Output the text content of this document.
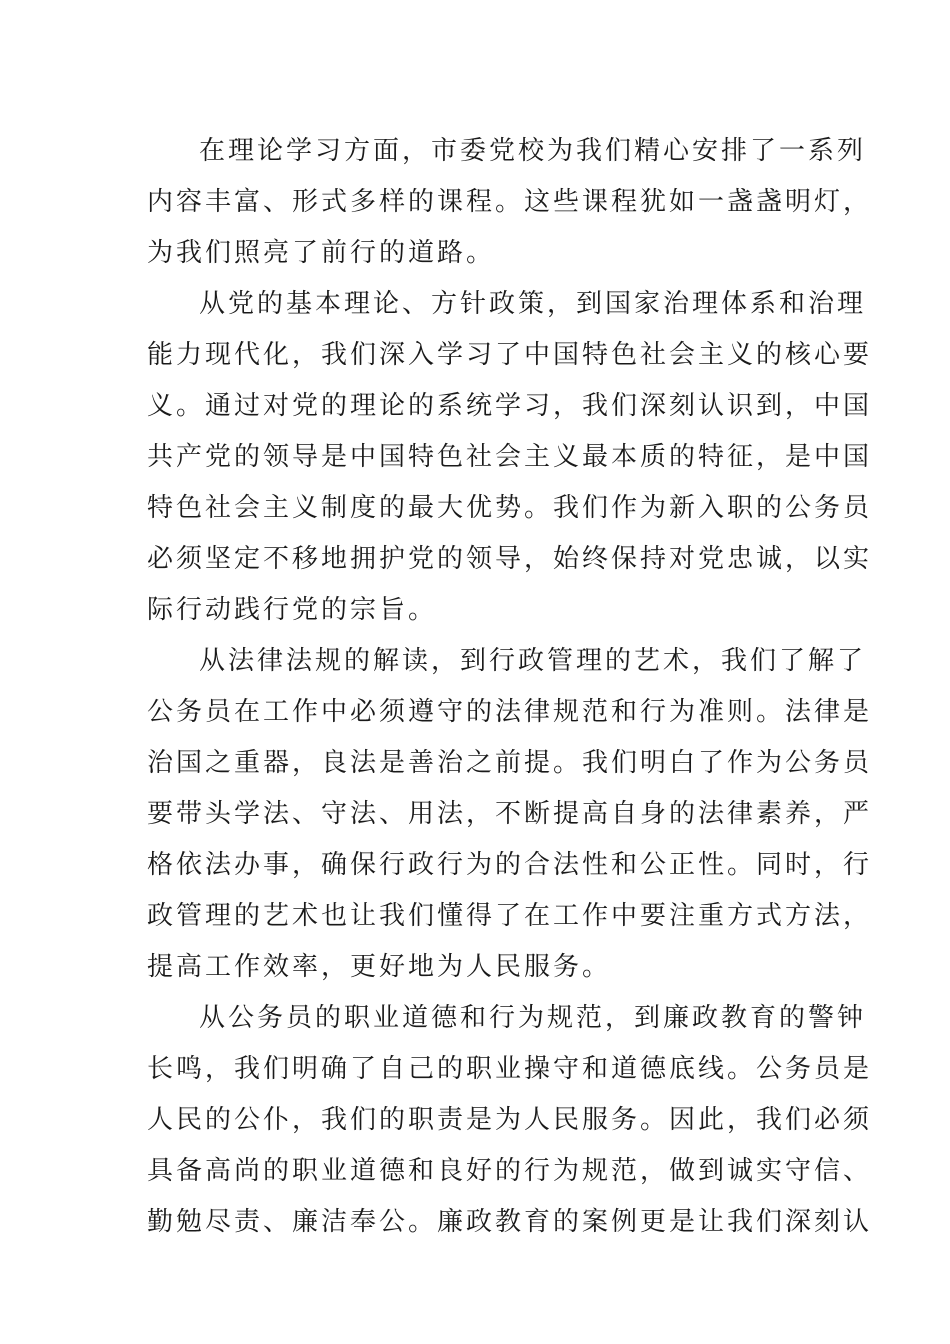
在理论学习方面，市委党校为我们精心安排了一系列
内容丰富、形式多样的课程。这些课程犹如一盏盏明灯，
为我们照亮了前行的道路。
从党的基本理论、方针政策，到国家治理体系和治理
能力现代化，我们深入学习了中国特色社会主义的核心要
义。通过对党的理论的系统学习，我们深刻认识到，中国
共产党的领导是中国特色社会主义最本质的特征，是中国
特色社会主义制度的最大优势。我们作为新入职的公务员
必须坚定不移地拥护党的领导，始终保持对党忠诚，以实
际行动践行党的宗旨。
从法律法规的解读，到行政管理的艺术，我们了解了
公务员在工作中必须遵守的法律规范和行为准则。法律是
治国之重器，良法是善治之前提。我们明白了作为公务员
要带头学法、守法、用法，不断提高自身的法律素养，严
格依法办事，确保行政行为的合法性和公正性。同时，行
政管理的艺术也让我们懂得了在工作中要注重方式方法，
提高工作效率，更好地为人民服务。
从公务员的职业道德和行为规范，到廉政教育的警钟
长鸣，我们明确了自己的职业操守和道德底线。公务员是
人民的公仆，我们的职责是为人民服务。因此，我们必须
具备高尚的职业道德和良好的行为规范，做到诚实守信、
勤勉尽责、廉洁奉公。廉政教育的案例更是让我们深刻认
